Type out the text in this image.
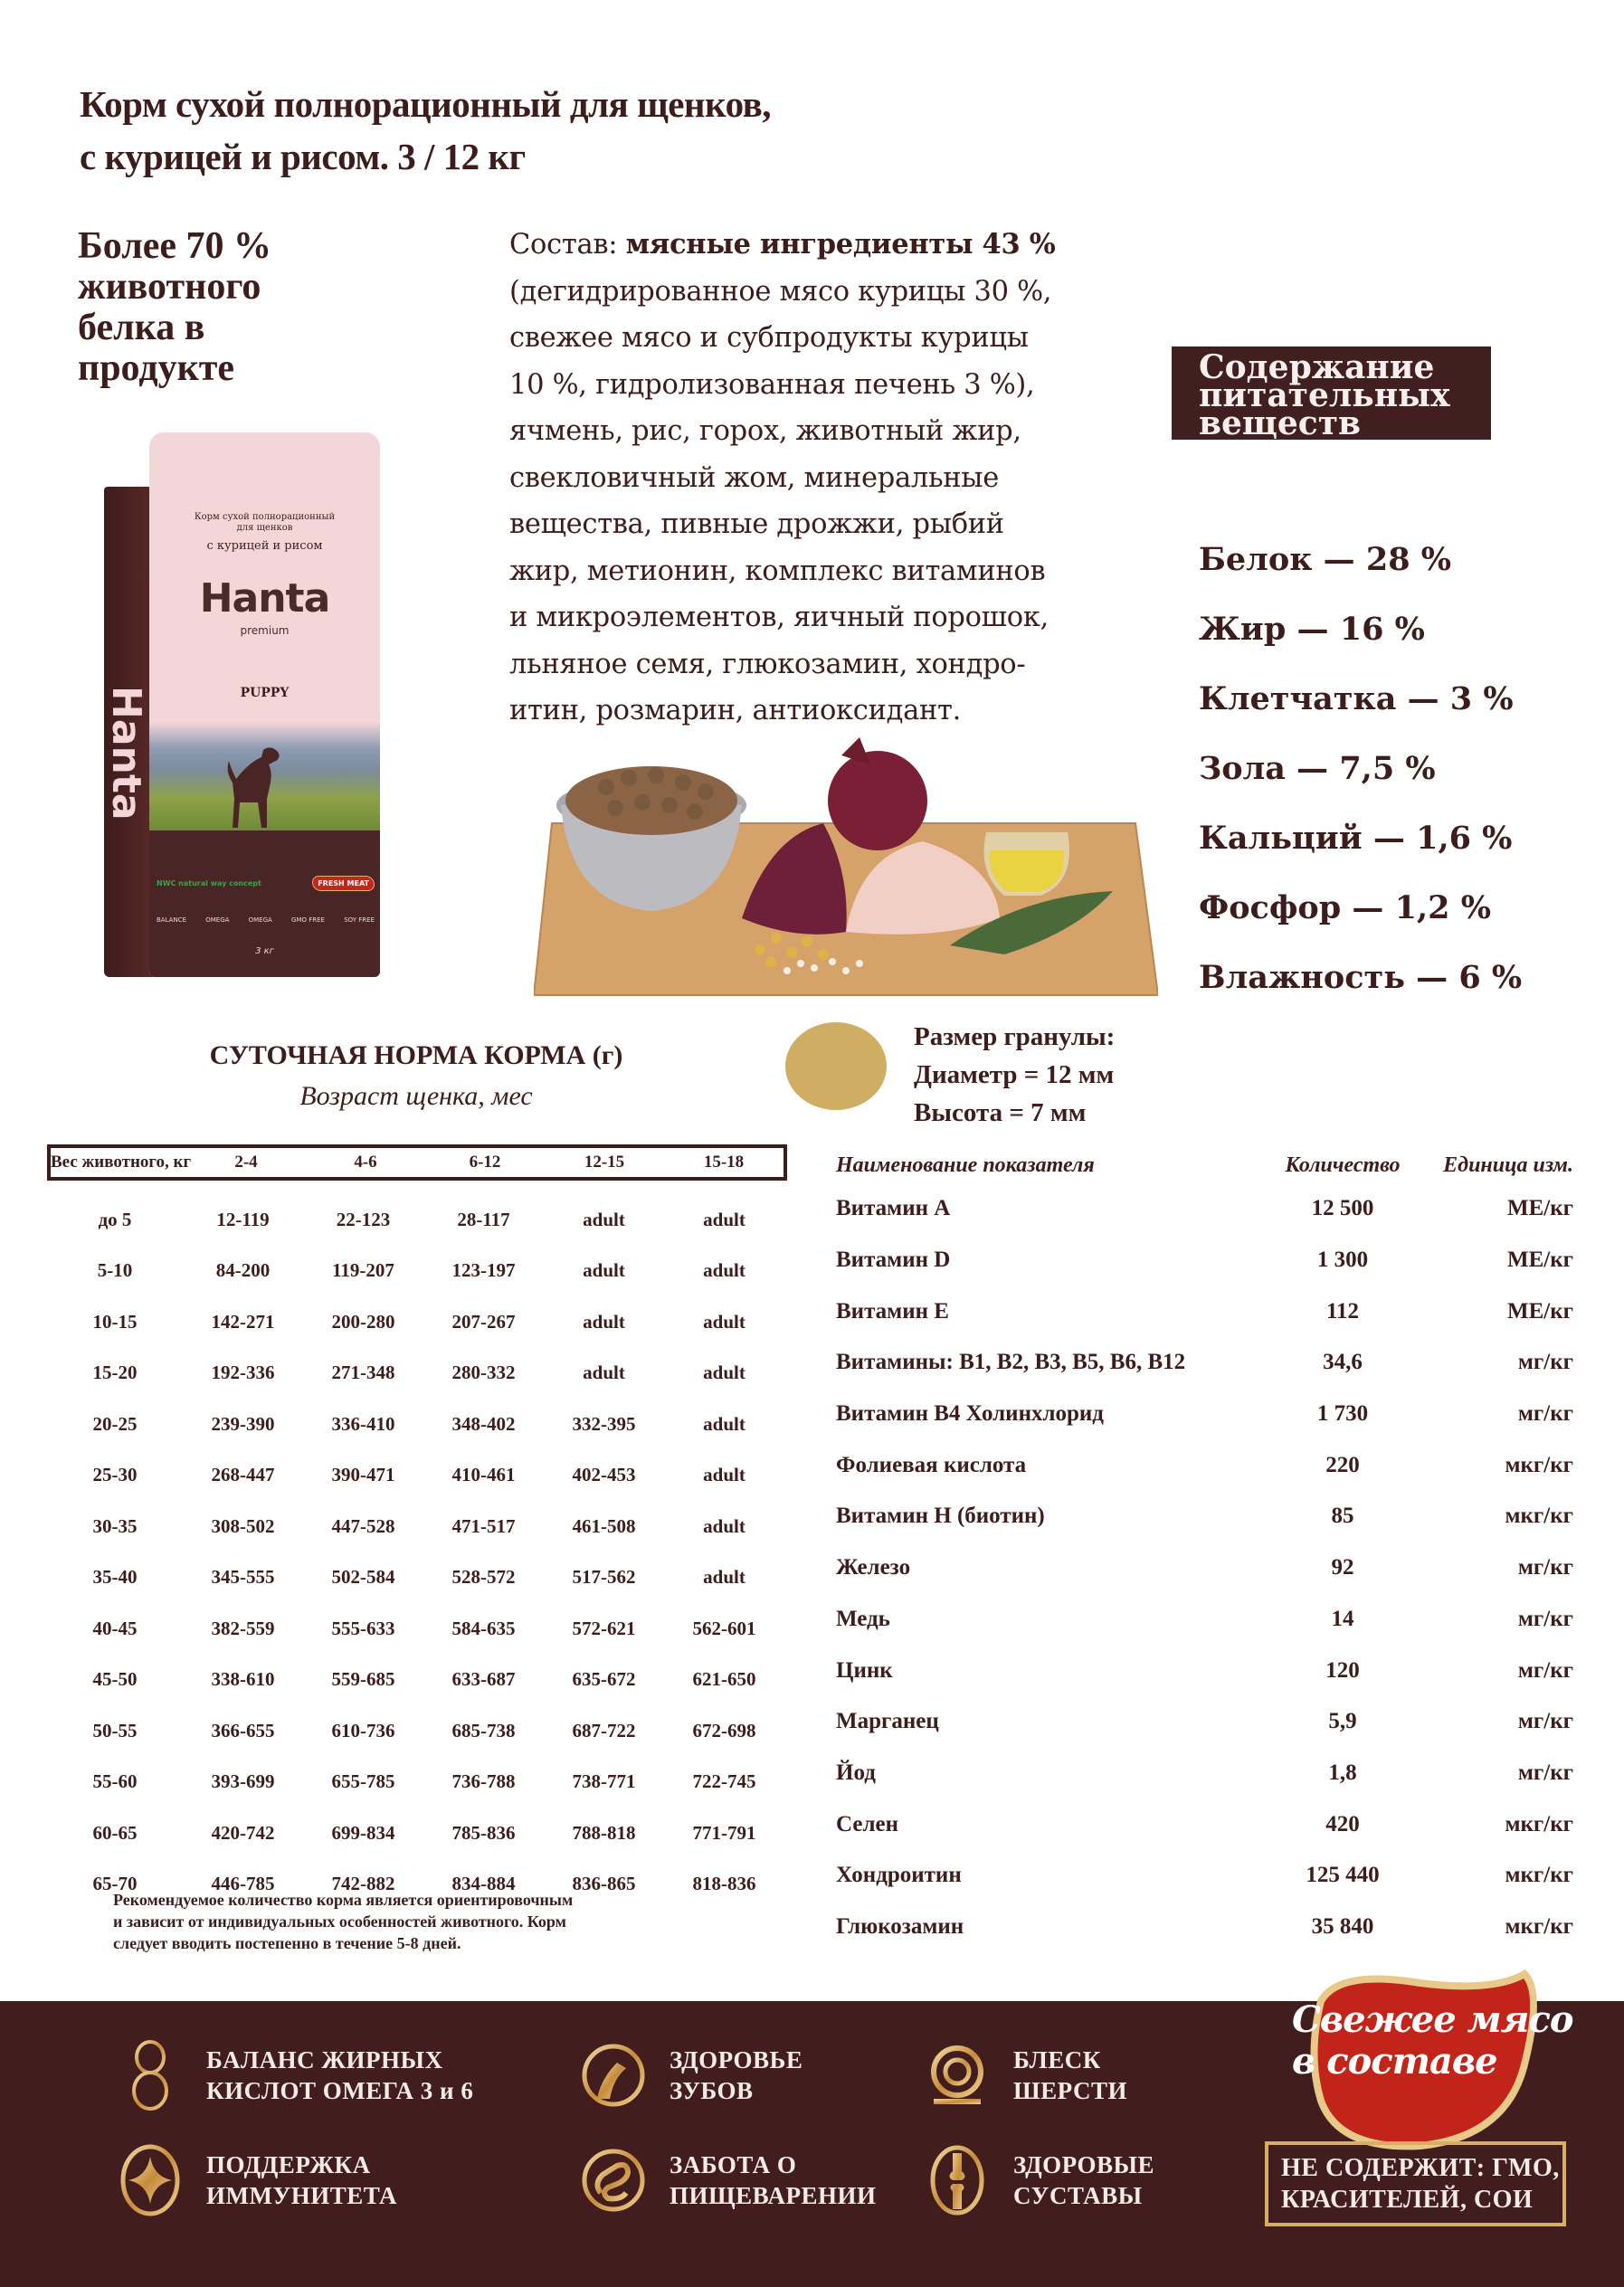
Корм сухой полнорационный для щенков,
с курицей и рисом. 3 / 12 кг
Более 70 %
животного
белка в
продукте
Hanta
Корм сухой полнорационный
для щенков
с курицей и рисом
Hanta
premium
PUPPY
NWC natural way concept	FRESH MEAT
BALANCE	OMEGA	OMEGA	GMO FREE	SOY FREE
3 кг
Состав: мясные ингредиенты 43 %
(дегидрированное мясо курицы 30 %,
свежее мясо и субпродукты курицы
10 %, гидролизованная печень 3 %),
ячмень, рис, горох, животный жир,
свекловичный жом, минеральные
вещества, пивные дрожжи, рыбий
жир, метионин, комплекс витаминов
и микроэлементов, яичный порошок,
льняное семя, глюкозамин, хондро-
итин, розмарин, антиоксидант.
Содержание
питательных
веществ
Белок — 28 %
Жир — 16 %
Клетчатка — 3 %
Зола — 7,5 %
Кальций — 1,6 %
Фосфор — 1,2 %
Влажность — 6 %
СУТОЧНАЯ НОРМА КОРМА (г)
Возраст щенка, мес
Вес животного, кг	2-4	4-6	6-12	12-15	15-18
до 5	12-119	22-123	28-117	adult	adult
5-10	84-200	119-207	123-197	adult	adult
10-15	142-271	200-280	207-267	adult	adult
15-20	192-336	271-348	280-332	adult	adult
20-25	239-390	336-410	348-402	332-395	adult
25-30	268-447	390-471	410-461	402-453	adult
30-35	308-502	447-528	471-517	461-508	adult
35-40	345-555	502-584	528-572	517-562	adult
40-45	382-559	555-633	584-635	572-621	562-601
45-50	338-610	559-685	633-687	635-672	621-650
50-55	366-655	610-736	685-738	687-722	672-698
55-60	393-699	655-785	736-788	738-771	722-745
60-65	420-742	699-834	785-836	788-818	771-791
65-70	446-785	742-882	834-884	836-865	818-836
Рекомендуемое количество корма является ориентировочным
и зависит от индивидуальных особенностей животного. Корм
следует вводить постепенно в течение 5-8 дней.
Размер гранулы:
Диаметр = 12 мм
Высота = 7 мм
Наименование показателя	Количество	Единица изм.
Витамин A	12 500	МЕ/кг
Витамин D	1 300	МЕ/кг
Витамин E	112	МЕ/кг
Витамины: B1, B2, B3, B5, B6, B12	34,6	мг/кг
Витамин B4 Холинхлорид	1 730	мг/кг
Фолиевая кислота	220	мкг/кг
Витамин H (биотин)	85	мкг/кг
Железо	92	мг/кг
Медь	14	мг/кг
Цинк	120	мг/кг
Марганец	5,9	мг/кг
Йод	1,8	мг/кг
Селен	420	мкг/кг
Хондроитин	125 440	мкг/кг
Глюкозамин	35 840	мкг/кг
БАЛАНС ЖИРНЫХ
КИСЛОТ ОМЕГА 3 и 6
ЗДОРОВЬЕ
ЗУБОВ
БЛЕСК
ШЕРСТИ
ПОДДЕРЖКА
ИММУНИТЕТА
ЗАБОТА О
ПИЩЕВАРЕНИИ
ЗДОРОВЫЕ
СУСТАВЫ
Свежее мясо
в составе
НЕ СОДЕРЖИТ: ГМО,
КРАСИТЕЛЕЙ, СОИ
